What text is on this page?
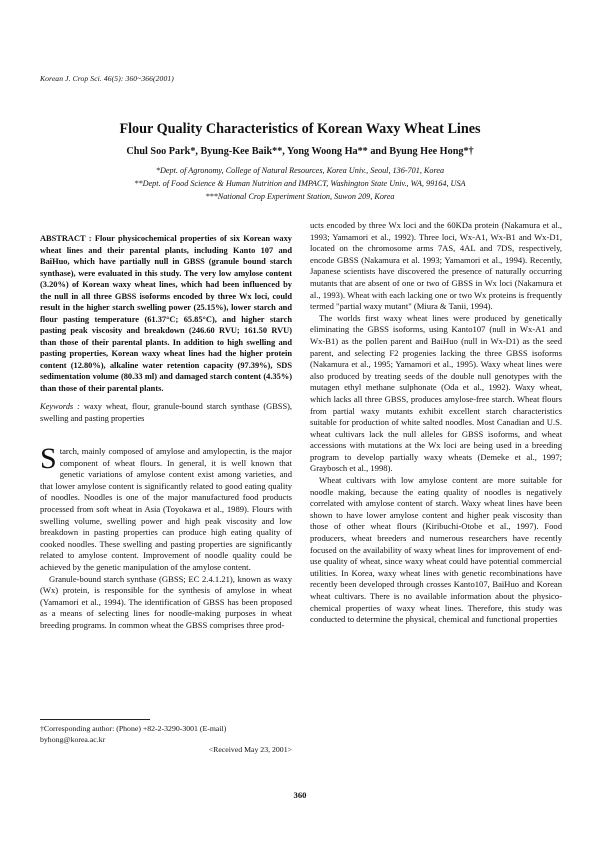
Korean J. Crop Sci. 46(5): 360~366(2001)
Flour Quality Characteristics of Korean Waxy Wheat Lines
Chul Soo Park*, Byung-Kee Baik**, Yong Woong Ha** and Byung Hee Hong*†
*Dept. of Agronomy, College of Natural Resources, Korea Univ., Seoul, 136-701, Korea
**Dept. of Food Science & Human Nutrition and IMPACT, Washington State Univ., WA, 99164, USA
***National Crop Experiment Station, Suwon 209, Korea

ABSTRACT : Flour physicochemical properties of six Korean waxy wheat lines and their parental plants, including Kanto 107 and BaiHuo, which have partially null in GBSS (granule bound starch synthase), were evaluated in this study. The very low amylose content (3.20%) of Korean waxy wheat lines, which had been influenced by the null in all three GBSS isoforms encoded by three Wx loci, could result in the higher starch swelling power (25.15%), lower starch and flour pasting temperature (61.37°C; 65.85°C), and higher starch pasting peak viscosity and breakdown (246.60 RVU; 161.50 RVU) than those of their parental plants. In addition to high swelling and pasting properties, Korean waxy wheat lines had the higher protein content (12.80%), alkaline water retention capacity (97.39%), SDS sedimentation volume (80.33 ml) and damaged starch content (4.35%) than those of their parental plants.

Keywords : waxy wheat, flour, granule-bound starch synthase (GBSS), swelling and pasting properties

Starch, mainly composed of amylose and amylopectin, is the major component of wheat flours. In general, it is well known that genetic variations of amylose content exist among varieties, and that lower amylose content is significantly related to good eating quality of noodles. Noodles is one of the major manufactured food products processed from soft wheat in Asia (Toyokawa et al., 1989). Flours with swelling volume, swelling power and high peak viscosity and low breakdown in pasting properties can produce high eating quality of cooked noodles. These swelling and pasting properties are significantly related to amylose content. Improvement of noodle quality could be achieved by the genetic manipulation of the amylose content.

Granule-bound starch synthase (GBSS; EC 2.4.1.21), known as waxy (Wx) protein, is responsible for the synthesis of amylose in wheat (Yamamori et al., 1994). The identification of GBSS has been proposed as a means of selecting lines for noodle-making purposes in wheat breeding programs. In common wheat the GBSS comprises three prod-

ucts encoded by three Wx loci and the 60KDa protein (Nakamura et al., 1993; Yamamori et al., 1992). Three loci, Wx-A1, Wx-B1 and Wx-D1, located on the chromosome arms 7AS, 4AL and 7DS, respectively, encode GBSS (Nakamura et al. 1993; Yamamori et al., 1994). Recently, Japanese scientists have discovered the presence of naturally occurring mutants that are absent of one or two of GBSS in Wx loci (Nakamura et al., 1993). Wheat with each lacking one or two Wx proteins is frequently termed "partial waxy mutant" (Miura & Tanii, 1994).

The worlds first waxy wheat lines were produced by genetically eliminating the GBSS isoforms, using Kanto107 (null in Wx-A1 and Wx-B1) as the pollen parent and BaiHuo (null in Wx-D1) as the seed parent, and selecting F2 progenies lacking the three GBSS isoforms (Nakamura et al., 1995; Yamamori et al., 1995). Waxy wheat lines were also produced by treating seeds of the double null genotypes with the mutagen ethyl methane sulphonate (Oda et al., 1992). Waxy wheat, which lacks all three GBSS, produces amylose-free starch. Wheat flours from partial waxy mutants exhibit excellent starch characteristics suitable for production of white salted noodles. Most Canadian and U.S. wheat cultivars lack the null alleles for GBSS isoforms, and wheat accessions with mutations at the Wx loci are being used in a breeding program to develop partially waxy wheats (Demeke et al., 1997; Graybosch et al., 1998).

Wheat cultivars with low amylose content are more suitable for noodle making, because the eating quality of noodles is negatively correlated with amylose content of starch. Waxy wheat lines have been shown to have lower amylose content and higher peak viscosity than those of other wheat flours (Kiribuchi-Otobe et al., 1997). Food producers, wheat breeders and numerous researchers have recently focused on the availability of waxy wheat lines for improvement of end-use quality of wheat, since waxy wheat could have potential commercial utilities. In Korea, waxy wheat lines with genetic recombinations have recently been developed through crosses Kanto107, BaiHuo and Korean wheat cultivars. There is no available information about the physico-chemical properties of waxy wheat lines. Therefore, this study was conducted to determine the physical, chemical and functional properties

†Corresponding author: (Phone) +82-2-3290-3001 (E-mail) byhong@korea.ac.kr

<Received May 23, 2001>
360
